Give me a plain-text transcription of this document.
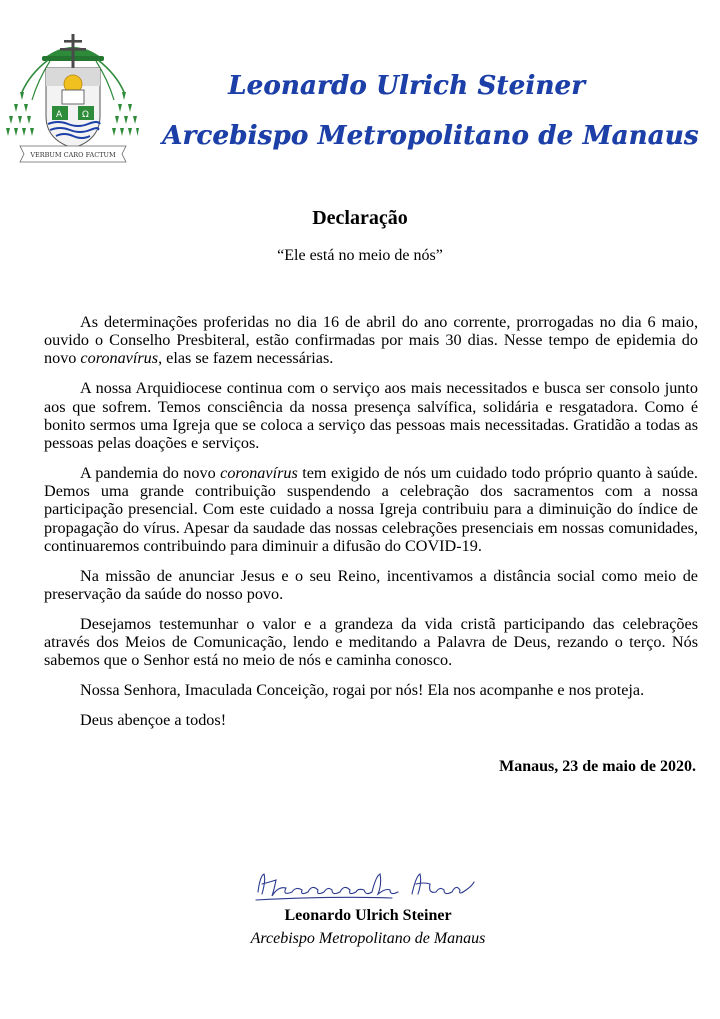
A Ω
VERBUM CARO FACTUM
Leonardo Ulrich Steiner
Arcebispo Metropolitano de Manaus
Declaração
“Ele está no meio de nós”

As determinações proferidas no dia 16 de abril do ano corrente, prorrogadas no dia 6 maio, ouvido o Conselho Presbiteral, estão confirmadas por mais 30 dias. Nesse tempo de epidemia do novo coronavírus, elas se fazem necessárias.

A nossa Arquidiocese continua com o serviço aos mais necessitados e busca ser consolo junto aos que sofrem. Temos consciência da nossa presença salvífica, solidária e resgatadora. Como é bonito sermos uma Igreja que se coloca a serviço das pessoas mais necessitadas. Gratidão a todas as pessoas pelas doações e serviços.

A pandemia do novo coronavírus tem exigido de nós um cuidado todo próprio quanto à saúde. Demos uma grande contribuição suspendendo a celebração dos sacramentos com a nossa participação presencial. Com este cuidado a nossa Igreja contribuiu para a diminuição do índice de propagação do vírus. Apesar da saudade das nossas celebrações presenciais em nossas comunidades, continuaremos contribuindo para diminuir a difusão do COVID-19.

Na missão de anunciar Jesus e o seu Reino, incentivamos a distância social como meio de preservação da saúde do nosso povo.

Desejamos testemunhar o valor e a grandeza da vida cristã participando das celebrações através dos Meios de Comunicação, lendo e meditando a Palavra de Deus, rezando o terço. Nós sabemos que o Senhor está no meio de nós e caminha conosco.

Nossa Senhora, Imaculada Conceição, rogai por nós! Ela nos acompanhe e nos proteja.

Deus abençoe a todos!

Manaus, 23 de maio de 2020.
Leonardo Ulrich Steiner
Arcebispo Metropolitano de Manaus
